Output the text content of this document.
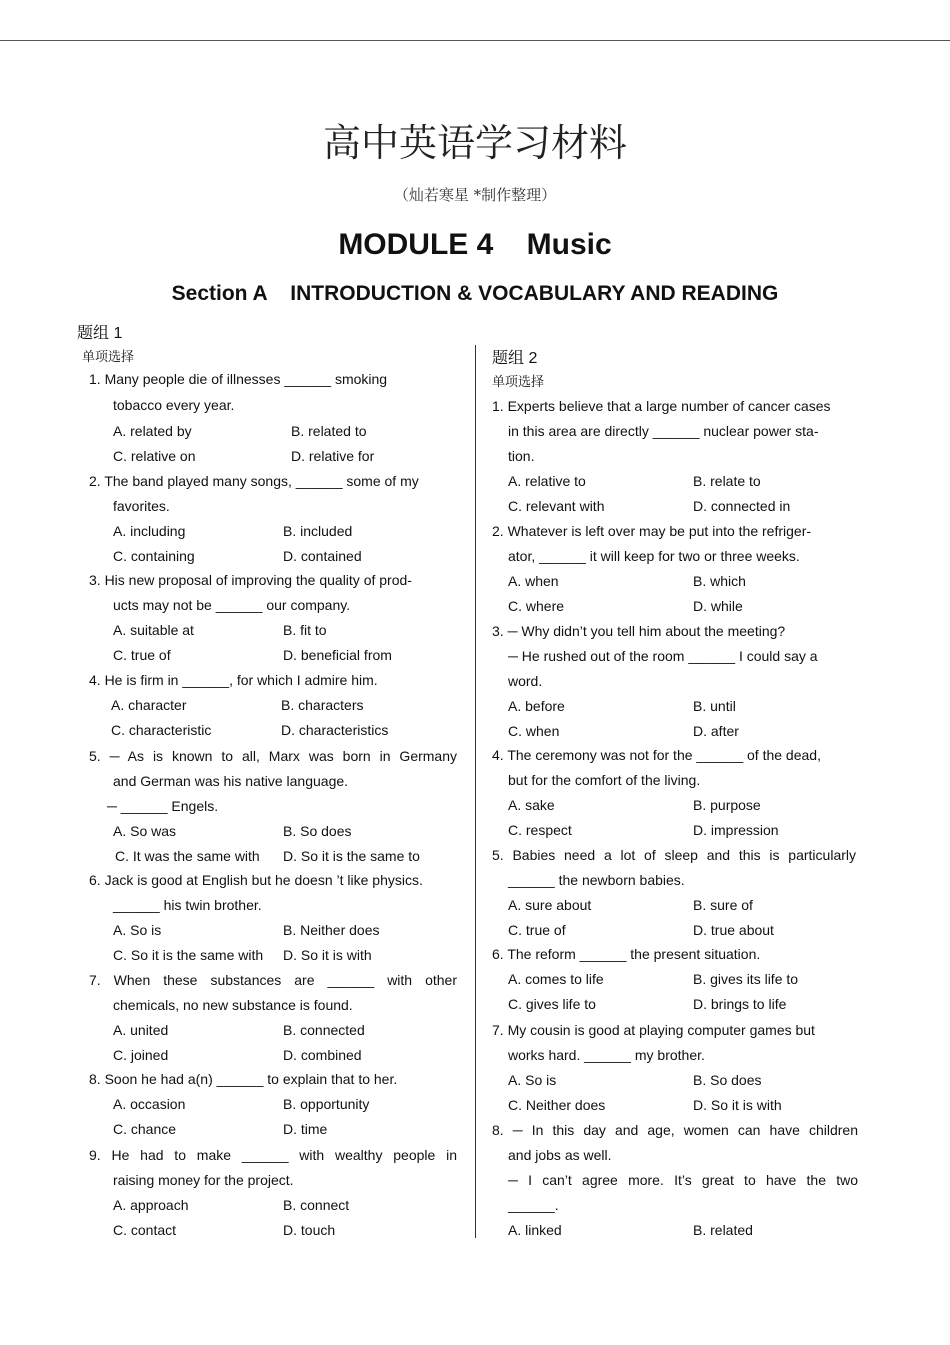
高中英语学习材料
（灿若寒星 *制作整理）
MODULE 4    Music
Section A    INTRODUCTION & VOCABULARY AND READING
题组 1
单项选择
1. Many people die of illnesses ______ smoking
tobacco every year.
A. related by	B. related to
C. relative on	D. relative for
2. The band played many songs, ______ some of my
favorites.
A. including	B. included
C. containing	D. contained
3. His new proposal of improving the quality of prod-
ucts may not be ______ our company.
A. suitable at	B. fit to
C. true of	D. beneficial from
4. He is firm in ______, for which I admire him.
A. character	B. characters
C. characteristic	D. characteristics
5. ─ As is known to all, Marx was born in Germany
and German was his native language.
─ ______ Engels.
A. So was	B. So does
C. It was the same with	D. So it is the same to
6. Jack is good at English but he doesn ’t like physics.
______ his twin brother.
A. So is	B. Neither does
C. So it is the same with	D. So it is with
7. When these substances are ______ with other
chemicals, no new substance is found.
A. united	B. connected
C. joined	D. combined
8. Soon he had a(n) ______ to explain that to her.
A. occasion	B. opportunity
C. chance	D. time
9. He had to make ______ with wealthy people in
raising money for the project.
A. approach	B. connect
C. contact	D. touch
题组 2
单项选择
1. Experts believe that a large number of cancer cases
in this area are directly ______ nuclear power sta-
tion.
A. relative to	B. relate to
C. relevant with	D. connected in
2. Whatever is left over may be put into the refriger-
ator, ______ it will keep for two or three weeks.
A. when	B. which
C. where	D. while
3. ─ Why didn’t you tell him about the meeting?
─ He rushed out of the room ______ I could say a
word.
A. before	B. until
C. when	D. after
4. The ceremony was not for the ______ of the dead,
but for the comfort of the living.
A. sake	B. purpose
C. respect	D. impression
5. Babies need a lot of sleep and this is particularly
______ the newborn babies.
A. sure about	B. sure of
C. true of	D. true about
6. The reform ______ the present situation.
A. comes to life	B. gives its life to
C. gives life to	D. brings to life
7. My cousin is good at playing computer games but
works hard. ______ my brother.
A. So is	B. So does
C. Neither does	D. So it is with
8. ─ In this day and age, women can have children
and jobs as well.
─ I can’t agree more. It’s great to have the two
______.
A. linked	B. related
